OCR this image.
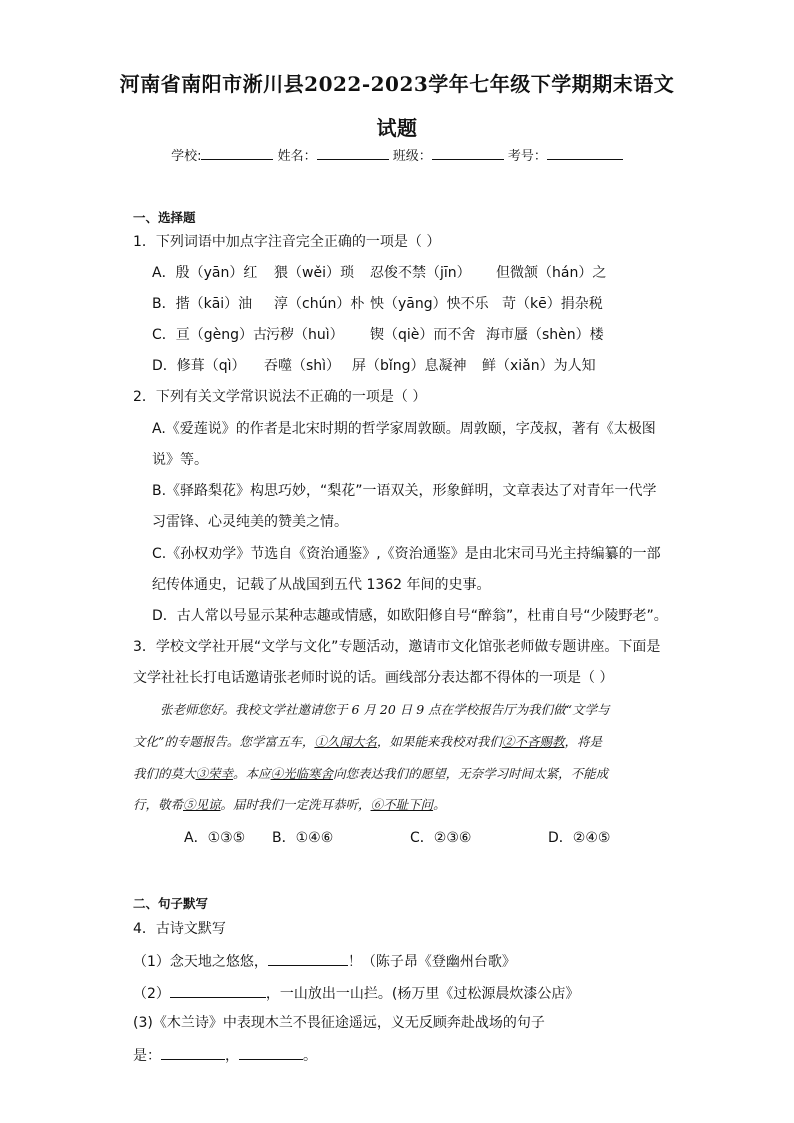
河南省南阳市淅川县2022-2023学年七年级下学期期末语文
试题
学校:	姓名：	班级：	考号：
一、选择题
1．下列词语中加点字注音完全正确的一项是（ ）
A．殷（yān）红 猥（wěi）琐 忍俊不禁（jīn） 但微颔（hán）之
B．揩（kāi）油 淳（chún）朴 怏（yāng）怏不乐 苛（kē）捐杂税
C．亘（gèng）古
污秽（huì） 锲（qiè）而不舍 海市蜃（shèn）楼
D．修葺（qì） 吞噬（shì） 屏（bǐng）息凝神 鲜（xiǎn）为人知
2．下列有关文学常识说法不正确的一项是（ ）
A.《爱莲说》的作者是北宋时期的哲学家周敦颐。周敦颐，字茂叔，著有《太极图
说》等。
B.《驿路梨花》构思巧妙，“梨花”一语双关，形象鲜明，文章表达了对青年一代学
习雷锋、心灵纯美的赞美之情。
C.《孙权劝学》节选自《资治通鉴》,《资治通鉴》是由北宋司马光主持编纂的一部
纪传体通史，记载了从战国到五代 1362 年间的史事。
D．古人常以号显示某种志趣或情感，如欧阳修自号“醉翁”，杜甫自号“少陵野老”。
3．学校文学社开展“文学与文化”专题活动，邀请市文化馆张老师做专题讲座。下面是
文学社社长打电话邀请张老师时说的话。画线部分表达都不得体的一项是（ ）
张老师您好。我校文学社邀请您于 6 月 20 日 9 点在学校报告厅为我们做“文学与
文化”的专题报告。您学富五车，①久闻大名，如果能来我校对我们②不吝赐教，将是
我们的莫大③荣幸。本应④光临寒舍向您表达我们的愿望，无奈学习时间太紧，不能成
行，敬希⑤见谅。届时我们一定洗耳恭听，⑥不耻下问。
A．①③⑤ B．①④⑥	C．②③⑥	D．②④⑤
二、句子默写
4．古诗文默写
（1）念天地之悠悠，	！（陈子昂《登幽州台歌》
（2）	，一山放出一山拦。(杨万里《过松源晨炊漆公店》
(3)《木兰诗》中表现木兰不畏征途遥远，义无反顾奔赴战场的句子
是：	，	。
